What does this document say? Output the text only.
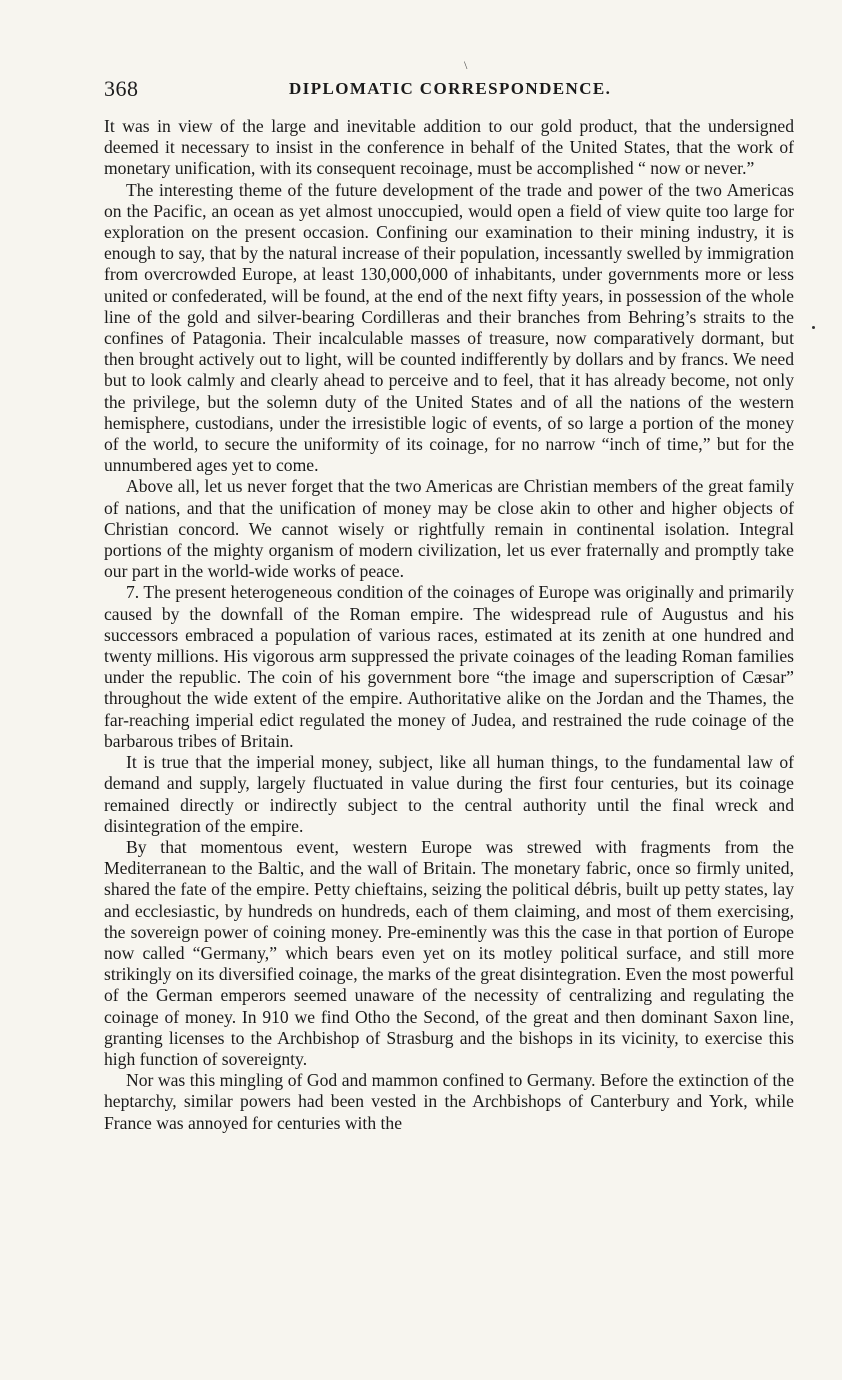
\
368	DIPLOMATIC CORRESPONDENCE.

It was in view of the large and inevitable addition to our gold product, that the undersigned deemed it necessary to insist in the conference in behalf of the United States, that the work of monetary unification, with its consequent recoinage, must be accomplished “ now or never.”

The interesting theme of the future development of the trade and power of the two Americas on the Pacific, an ocean as yet almost unoccupied, would open a field of view quite too large for exploration on the present occasion. Confining our examination to their mining industry, it is enough to say, that by the natural increase of their population, incessantly swelled by immigration from overcrowded Europe, at least 130,000,000 of inhabitants, under governments more or less united or confederated, will be found, at the end of the next fifty years, in possession of the whole line of the gold and silver-bearing Cordilleras and their branches from Behring’s straits to the confines of Patagonia. Their incalculable masses of treasure, now comparatively dormant, but then brought actively out to light, will be counted indifferently by dollars and by francs. We need but to look calmly and clearly ahead to perceive and to feel, that it has already become, not only the privilege, but the solemn duty of the United States and of all the nations of the western hemisphere, custodians, under the irresistible logic of events, of so large a portion of the money of the world, to secure the uniformity of its coinage, for no narrow “inch of time,” but for the unnumbered ages yet to come.

Above all, let us never forget that the two Americas are Christian members of the great family of nations, and that the unification of money may be close akin to other and higher objects of Christian concord. We cannot wisely or rightfully remain in continental isolation. Integral portions of the mighty organism of modern civilization, let us ever fraternally and promptly take our part in the world-wide works of peace.

7. The present heterogeneous condition of the coinages of Europe was originally and primarily caused by the downfall of the Roman empire. The widespread rule of Augustus and his successors embraced a population of various races, estimated at its zenith at one hundred and twenty millions. His vigorous arm suppressed the private coinages of the leading Roman families under the republic. The coin of his government bore “the image and superscription of Cæsar” throughout the wide extent of the empire. Authoritative alike on the Jordan and the Thames, the far-reaching imperial edict regulated the money of Judea, and restrained the rude coinage of the barbarous tribes of Britain.

It is true that the imperial money, subject, like all human things, to the fundamental law of demand and supply, largely fluctuated in value during the first four centuries, but its coinage remained directly or indirectly subject to the central authority until the final wreck and disintegration of the empire.

By that momentous event, western Europe was strewed with fragments from the Mediterranean to the Baltic, and the wall of Britain. The monetary fabric, once so firmly united, shared the fate of the empire. Petty chieftains, seizing the political débris, built up petty states, lay and ecclesiastic, by hundreds on hundreds, each of them claiming, and most of them exercising, the sovereign power of coining money. Pre-eminently was this the case in that portion of Europe now called “Germany,” which bears even yet on its motley political surface, and still more strikingly on its diversified coinage, the marks of the great disintegration. Even the most powerful of the German emperors seemed unaware of the necessity of centralizing and regulating the coinage of money. In 910 we find Otho the Second, of the great and then dominant Saxon line, granting licenses to the Archbishop of Strasburg and the bishops in its vicinity, to exercise this high function of sovereignty.

Nor was this mingling of God and mammon confined to Germany. Before the extinction of the heptarchy, similar powers had been vested in the Archbishops of Canterbury and York, while France was annoyed for centuries with the
